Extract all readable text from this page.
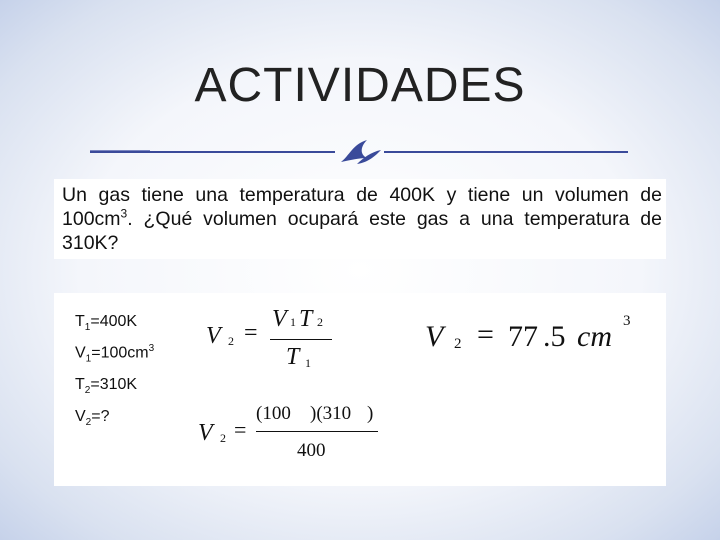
ACTIVIDADES
Un gas tiene una temperatura de 400K y tiene un volumen de $100cm^3$. ¿Qué volumen ocupará este gas a una temperatura de 310K?
$T_1=400K$
$V_1=100cm^3$
$T_2=310K$
$V_2=$?
V 2 =
V 1 T 2
T 1
V 2 =
(100 )(310 )
400
V 2 = 77 .5 cm 3
